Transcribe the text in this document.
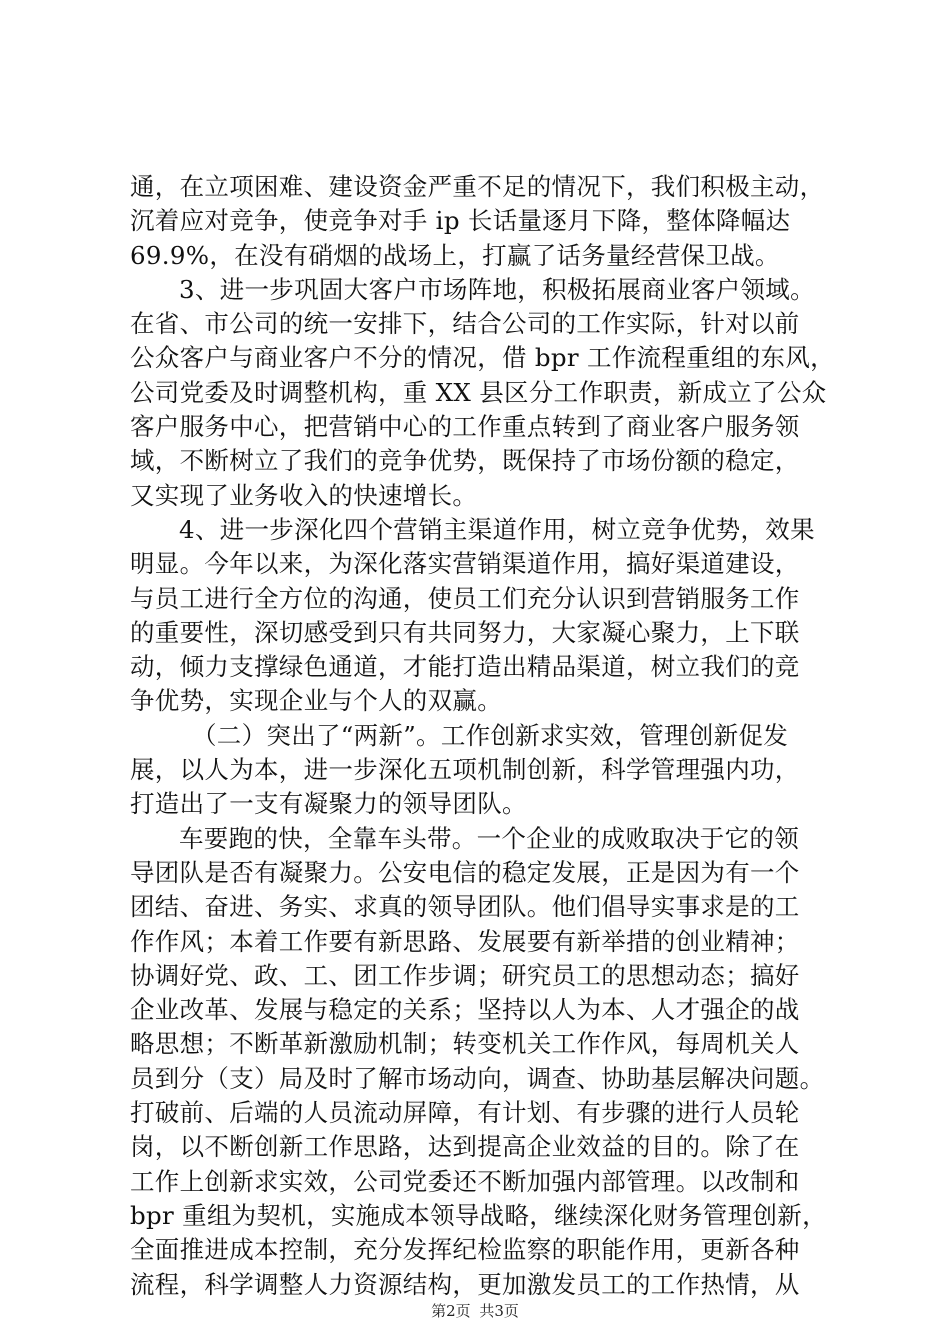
通，在立项困难、建设资金严重不足的情况下，我们积极主动，
沉着应对竞争，使竞争对手 ip 长话量逐月下降，整体降幅达
69.9%，在没有硝烟的战场上，打赢了话务量经营保卫战。
3、进一步巩固大客户市场阵地，积极拓展商业客户领域。
在省、市公司的统一安排下，结合公司的工作实际，针对以前
公众客户与商业客户不分的情况，借 bpr 工作流程重组的东风，
公司党委及时调整机构，重 XX 县区分工作职责，新成立了公众
客户服务中心，把营销中心的工作重点转到了商业客户服务领
域，不断树立了我们的竞争优势，既保持了市场份额的稳定，
又实现了业务收入的快速增长。
4、进一步深化四个营销主渠道作用，树立竞争优势，效果
明显。今年以来，为深化落实营销渠道作用，搞好渠道建设，
与员工进行全方位的沟通，使员工们充分认识到营销服务工作
的重要性，深切感受到只有共同努力，大家凝心聚力，上下联
动，倾力支撑绿色通道，才能打造出精品渠道，树立我们的竞
争优势，实现企业与个人的双赢。
（二）突出了“两新”。工作创新求实效，管理创新促发
展，以人为本，进一步深化五项机制创新，科学管理强内功，
打造出了一支有凝聚力的领导团队。
车要跑的快，全靠车头带。一个企业的成败取决于它的领
导团队是否有凝聚力。公安电信的稳定发展，正是因为有一个
团结、奋进、务实、求真的领导团队。他们倡导实事求是的工
作作风；本着工作要有新思路、发展要有新举措的创业精神；
协调好党、政、工、团工作步调；研究员工的思想动态；搞好
企业改革、发展与稳定的关系；坚持以人为本、人才强企的战
略思想；不断革新激励机制；转变机关工作作风，每周机关人
员到分（支）局及时了解市场动向，调查、协助基层解决问题。
打破前、后端的人员流动屏障，有计划、有步骤的进行人员轮
岗，以不断创新工作思路，达到提高企业效益的目的。除了在
工作上创新求实效，公司党委还不断加强内部管理。以改制和
bpr 重组为契机，实施成本领导战略，继续深化财务管理创新，
全面推进成本控制，充分发挥纪检监察的职能作用，更新各种
流程，科学调整人力资源结构，更加激发员工的工作热情，从
第2页 共3页
